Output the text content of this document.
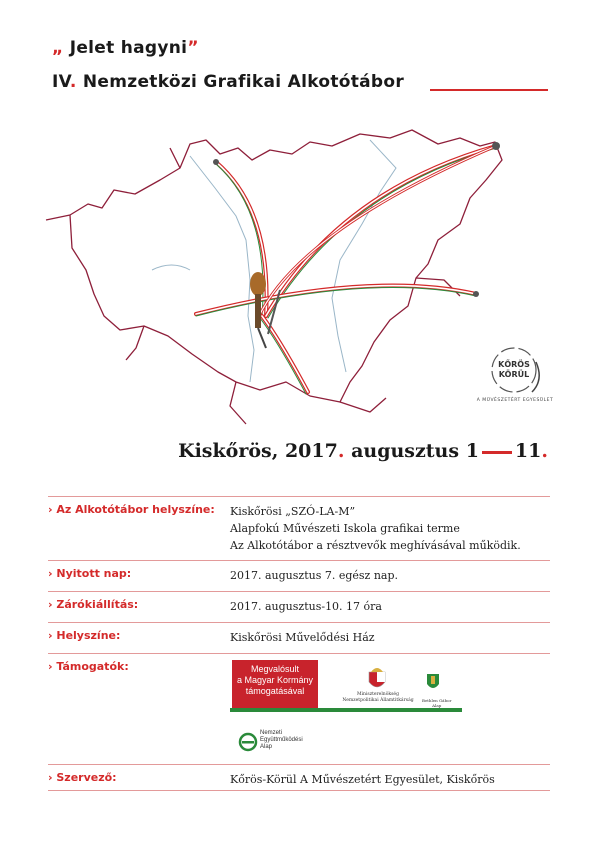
„ Jelet hagyni”
IV. Nemzetközi Grafikai Alkotótábor
KŐRÖS
KÖRÜL
A MŰVÉSZETÉRT EGYESÜLET
Kiskőrös, 2017. augusztus 1 11.
› Az Alkotótábor helyszíne: Kiskőrösi „SZÓ-LA-M”
Alapfokú Művészeti Iskola grafikai terme
Az Alkotótábor a résztvevők meghívásával működik.
› Nyitott nap:	2017. augusztus 7. egész nap.
› Zárókiállítás:	2017. augusztus-10. 17 óra
› Helyszíne:	Kiskőrösi Művelődési Ház
› Támogatók:
› Szervező:	Kőrös-Körül A Művészetért Egyesület, Kiskőrös
Megvalósult
a Magyar Kormány
támogatásával	Miniszterelnökség
Nemzetpolitikai Államtitkárság	Bethlen Gábor
Alap
Nemzeti
Együttműködési
Alap
